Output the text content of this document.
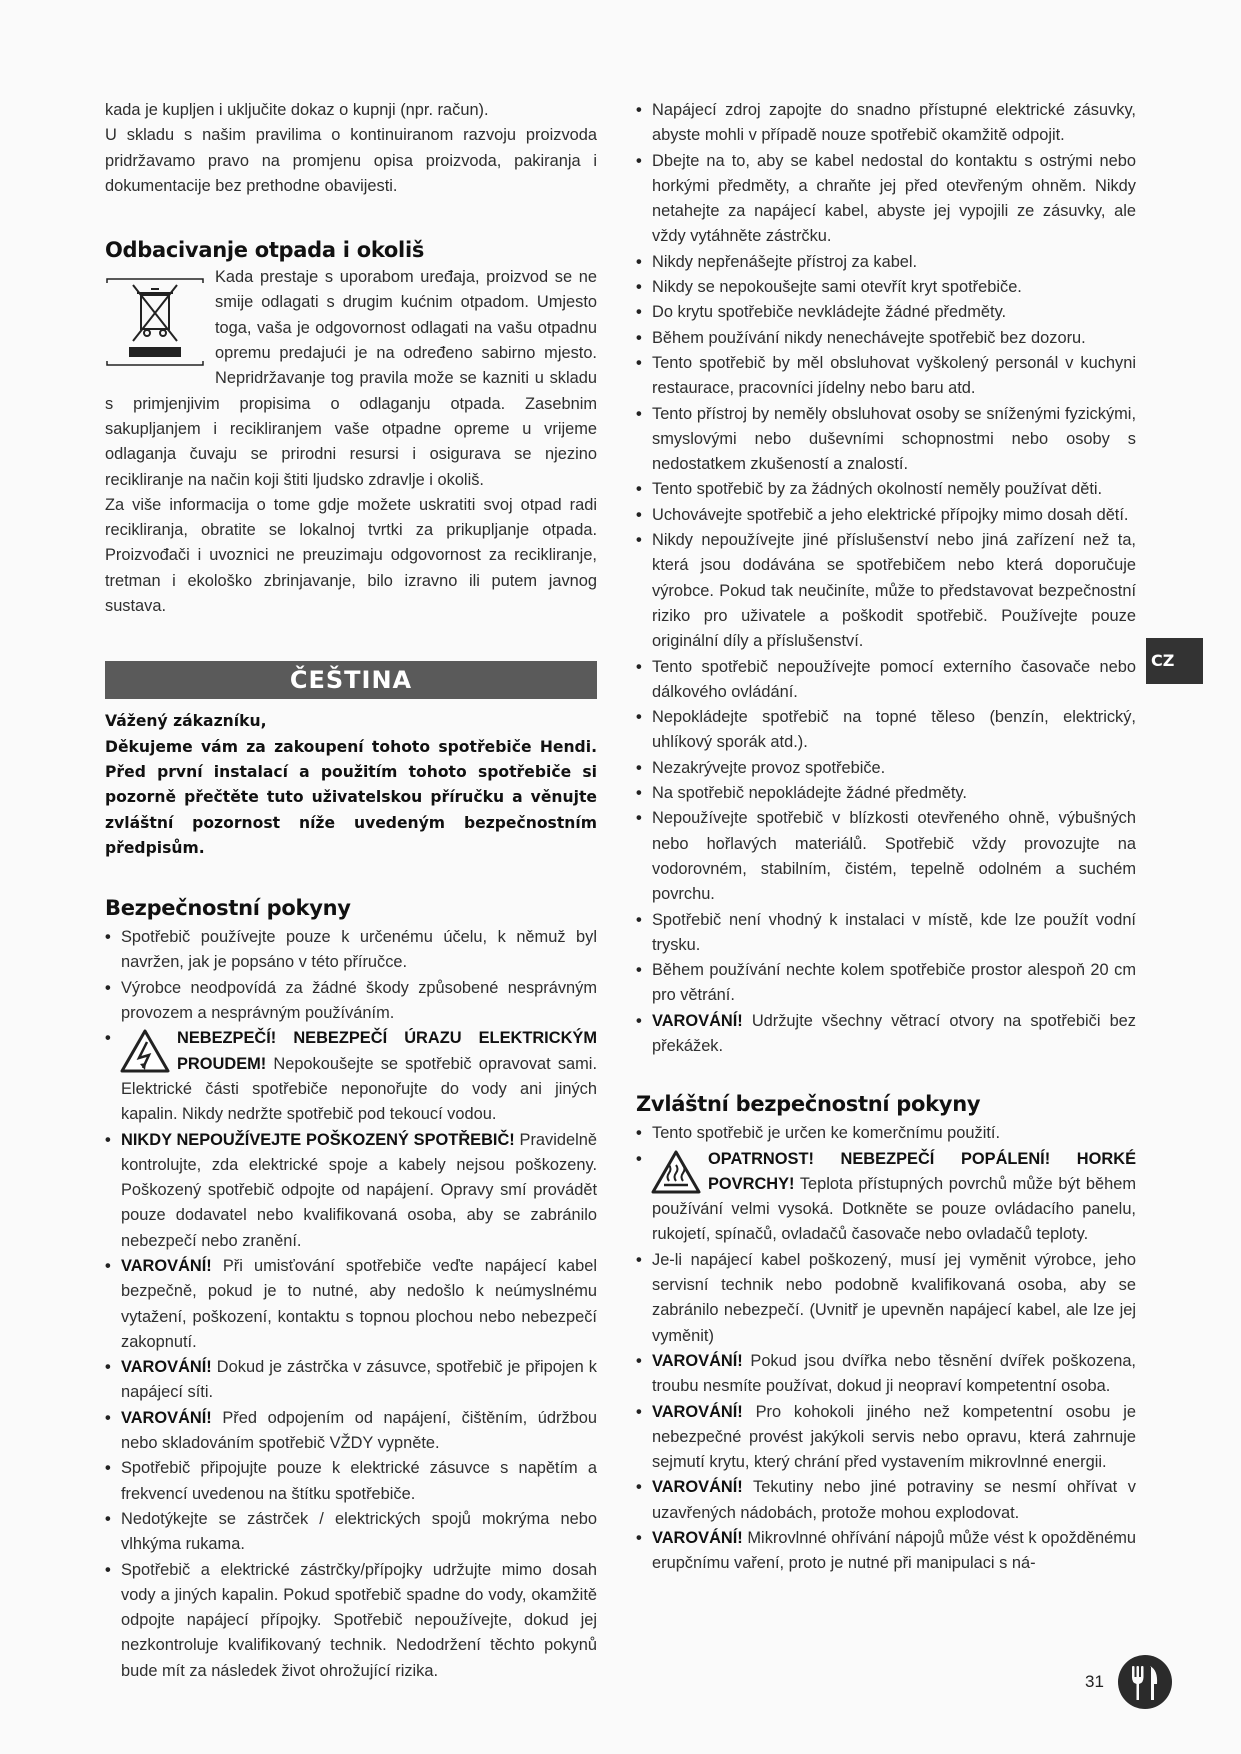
kada je kupljen i uključite dokaz o kupnji (npr. račun).
U skladu s našim pravilima o kontinuiranom razvoju proizvoda pridržavamo pravo na promjenu opisa proizvoda, pakiranja i dokumentacije bez prethodne obavijesti.

Odbacivanje otpada i okoliš

Kada prestaje s uporabom uređaja, proizvod se ne smije odlagati s drugim kućnim otpadom. Umjesto toga, vaša je odgovornost odlagati na vašu otpadnu opremu predajući je na određeno sabirno mjesto. Nepridržavanje tog pravila može se kazniti u skladu s primjenjivim propisima o odlaganju otpada. Zasebnim sakupljanjem i recikliranjem vaše otpadne opreme u vrijeme odlaganja čuvaju se prirodni resursi i osigurava se njezino recikliranje na način koji štiti ljudsko zdravlje i okoliš.

Za više informacija o tome gdje možete uskratiti svoj otpad radi recikliranja, obratite se lokalnoj tvrtki za prikupljanje otpada. Proizvođači i uvoznici ne preuzimaju odgovornost za recikliranje, tretman i ekološko zbrinjavanje, bilo izravno ili putem javnog sustava.

ČEŠTINA
Vážený zákazníku,
Děkujeme vám za zakoupení tohoto spotřebiče Hendi. Před první instalací a použitím tohoto spotřebiče si pozorně přečtěte tuto uživatelskou příručku a věnujte zvláštní pozornost níže uvedeným bezpečnostním předpisům.
Bezpečnostní pokyny
• Spotřebič používejte pouze k určenému účelu, k němuž byl navržen, jak je popsáno v této příručce.
• Výrobce neodpovídá za žádné škody způsobené nesprávným provozem a nesprávným používáním.
• NEBEZPEČÍ! NEBEZPEČÍ ÚRAZU ELEKTRICKÝM PROUDEM! Nepokoušejte se spotřebič opravovat sami. Elektrické části spotřebiče neponořujte do vody ani jiných kapalin. Nikdy nedržte spotřebič pod tekoucí vodou.
• NIKDY NEPOUŽÍVEJTE POŠKOZENÝ SPOTŘEBIČ! Pravidelně kontrolujte, zda elektrické spoje a kabely nejsou poškozeny. Poškozený spotřebič odpojte od napájení. Opravy smí provádět pouze dodavatel nebo kvalifikovaná osoba, aby se zabránilo nebezpečí nebo zranění.
• VAROVÁNÍ! Při umisťování spotřebiče veďte napájecí kabel bezpečně, pokud je to nutné, aby nedošlo k neúmyslnému vytažení, poškození, kontaktu s topnou plochou nebo nebezpečí zakopnutí.
• VAROVÁNÍ! Dokud je zástrčka v zásuvce, spotřebič je připojen k napájecí síti.
• VAROVÁNÍ! Před odpojením od napájení, čištěním, údržbou nebo skladováním spotřebič VŽDY vypněte.
• Spotřebič připojujte pouze k elektrické zásuvce s napětím a frekvencí uvedenou na štítku spotřebiče.
• Nedotýkejte se zástrček / elektrických spojů mokrýma nebo vlhkýma rukama.
• Spotřebič a elektrické zástrčky/přípojky udržujte mimo dosah vody a jiných kapalin. Pokud spotřebič spadne do vody, okamžitě odpojte napájecí přípojky. Spotřebič nepoužívejte, dokud jej nezkontroluje kvalifikovaný technik. Nedodržení těchto pokynů bude mít za následek život ohrožující rizika.
• Napájecí zdroj zapojte do snadno přístupné elektrické zásuvky, abyste mohli v případě nouze spotřebič okamžitě odpojit.
• Dbejte na to, aby se kabel nedostal do kontaktu s ostrými nebo horkými předměty, a chraňte jej před otevřeným ohněm. Nikdy netahejte za napájecí kabel, abyste jej vypojili ze zásuvky, ale vždy vytáhněte zástrčku.
• Nikdy nepřenášejte přístroj za kabel.
• Nikdy se nepokoušejte sami otevřít kryt spotřebiče.
• Do krytu spotřebiče nevkládejte žádné předměty.
• Během používání nikdy nenechávejte spotřebič bez dozoru.
• Tento spotřebič by měl obsluhovat vyškolený personál v kuchyni restaurace, pracovníci jídelny nebo baru atd.
• Tento přístroj by neměly obsluhovat osoby se sníženými fyzickými, smyslovými nebo duševními schopnostmi nebo osoby s nedostatkem zkušeností a znalostí.
• Tento spotřebič by za žádných okolností neměly používat děti.
• Uchovávejte spotřebič a jeho elektrické přípojky mimo dosah dětí.
• Nikdy nepoužívejte jiné příslušenství nebo jiná zařízení než ta, která jsou dodávána se spotřebičem nebo která doporučuje výrobce. Pokud tak neučiníte, může to představovat bezpečnostní riziko pro uživatele a poškodit spotřebič. Používejte pouze originální díly a příslušenství.
• Tento spotřebič nepoužívejte pomocí externího časovače nebo dálkového ovládání.
• Nepokládejte spotřebič na topné těleso (benzín, elektrický, uhlíkový sporák atd.).
• Nezakrývejte provoz spotřebiče.
• Na spotřebič nepokládejte žádné předměty.
• Nepoužívejte spotřebič v blízkosti otevřeného ohně, výbušných nebo hořlavých materiálů. Spotřebič vždy provozujte na vodorovném, stabilním, čistém, tepelně odolném a suchém povrchu.
• Spotřebič není vhodný k instalaci v místě, kde lze použít vodní trysku.
• Během používání nechte kolem spotřebiče prostor alespoň 20 cm pro větrání.
• VAROVÁNÍ! Udržujte všechny větrací otvory na spotřebiči bez překážek.
Zvláštní bezpečnostní pokyny
• Tento spotřebič je určen ke komerčnímu použití.
• OPATRNOST! NEBEZPEČÍ POPÁLENÍ! HORKÉ POVRCHY! Teplota přístupných povrchů může být během používání velmi vysoká. Dotkněte se pouze ovládacího panelu, rukojetí, spínačů, ovladačů časovače nebo ovladačů teploty.
• Je-li napájecí kabel poškozený, musí jej vyměnit výrobce, jeho servisní technik nebo podobně kvalifikovaná osoba, aby se zabránilo nebezpečí. (Uvnitř je upevněn napájecí kabel, ale lze jej vyměnit)
• VAROVÁNÍ! Pokud jsou dvířka nebo těsnění dvířek poškozena, troubu nesmíte používat, dokud ji neopraví kompetentní osoba.
• VAROVÁNÍ! Pro kohokoli jiného než kompetentní osobu je nebezpečné provést jakýkoli servis nebo opravu, která zahrnuje sejmutí krytu, který chrání před vystavením mikrovlnné energii.
• VAROVÁNÍ! Tekutiny nebo jiné potraviny se nesmí ohřívat v uzavřených nádobách, protože mohou explodovat.
• VAROVÁNÍ! Mikrovlnné ohřívání nápojů může vést k opožděnému erupčnímu vaření, proto je nutné při manipulaci s ná-
CZ
31
